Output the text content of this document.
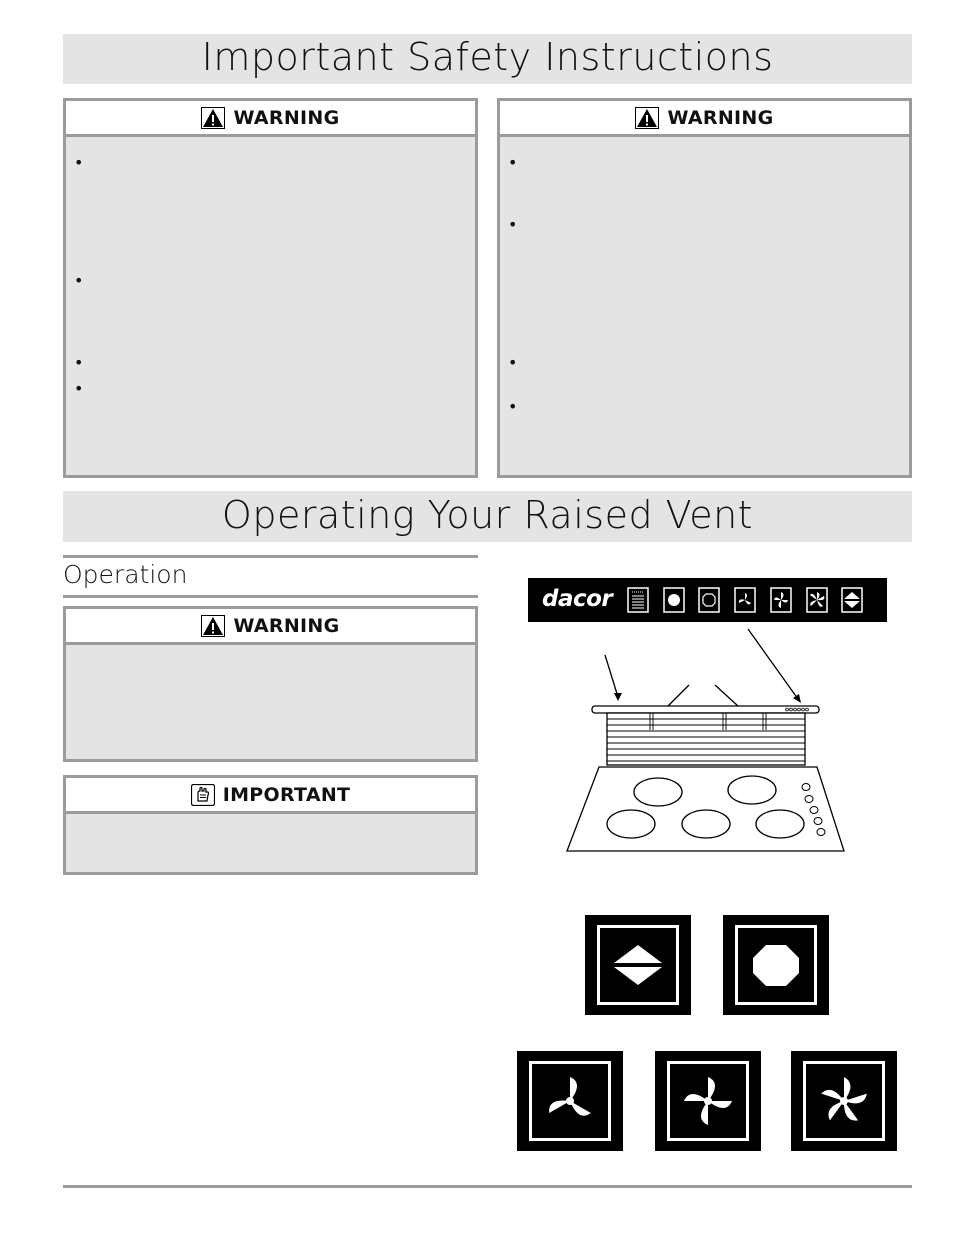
Important Safety Instructions
WARNING
•
•
•
•
WARNING
•
•
•
•
Operating Your Raised Vent
Operation
WARNING
IMPORTANT
dacor
